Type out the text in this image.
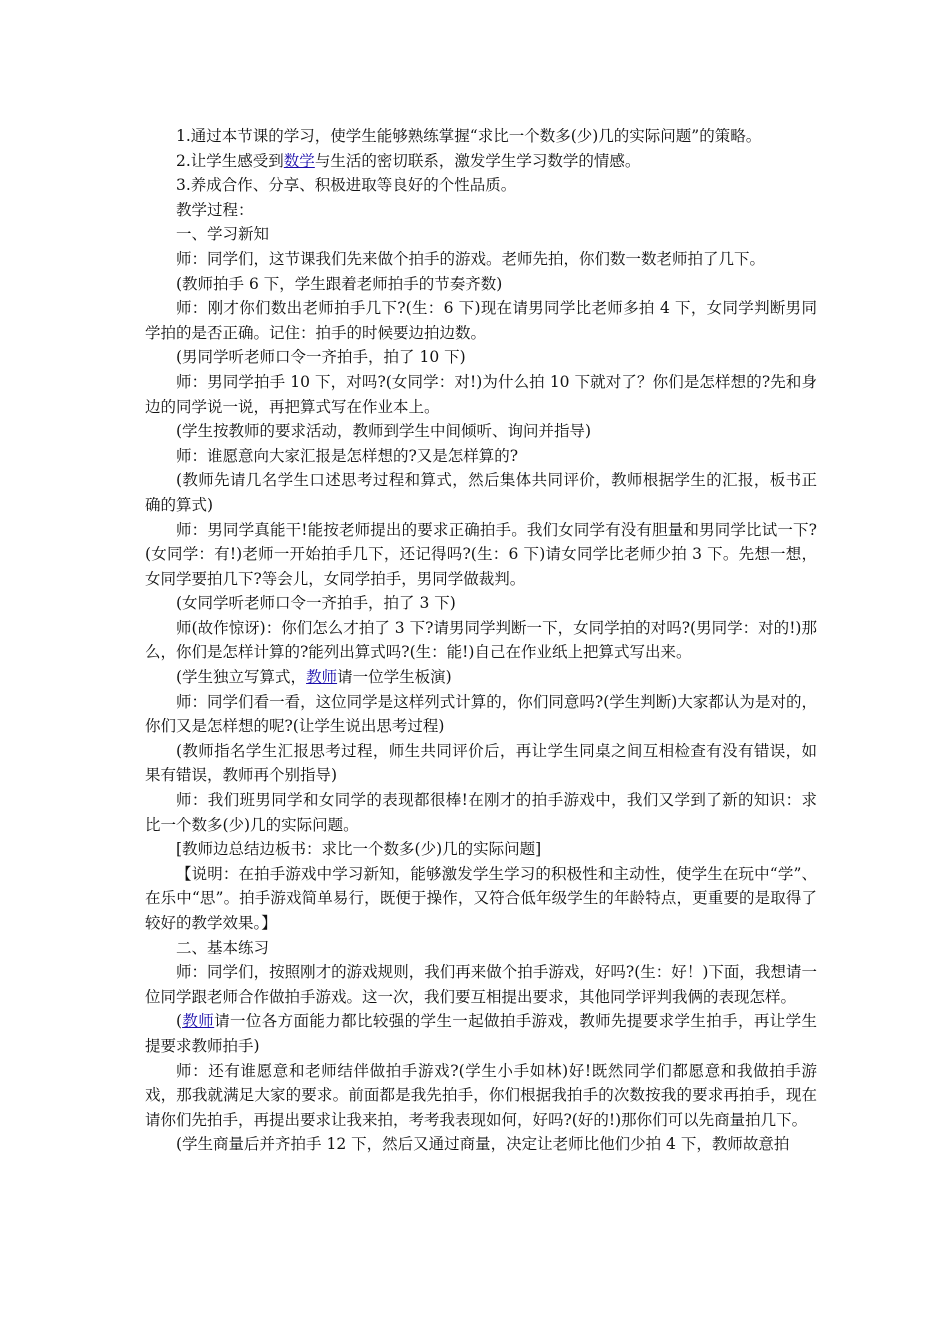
1.通过本节课的学习，使学生能够熟练掌握“求比一个数多(少)几的实际问题”的策略。

2.让学生感受到数学与生活的密切联系，激发学生学习数学的情感。

3.养成合作、分享、积极进取等良好的个性品质。

教学过程：

一、学习新知

师：同学们，这节课我们先来做个拍手的游戏。老师先拍，你们数一数老师拍了几下。

(教师拍手 6 下，学生跟着老师拍手的节奏齐数)

师：刚才你们数出老师拍手几下?(生：6 下)现在请男同学比老师多拍 4 下，女同学判断男同学拍的是否正确。记住：拍手的时候要边拍边数。

(男同学听老师口令一齐拍手，拍了 10 下)

师：男同学拍手 10 下，对吗?(女同学：对!)为什么拍 10 下就对了？你们是怎样想的?先和身边的同学说一说，再把算式写在作业本上。

(学生按教师的要求活动，教师到学生中间倾听、询问并指导)

师：谁愿意向大家汇报是怎样想的?又是怎样算的?

(教师先请几名学生口述思考过程和算式，然后集体共同评价，教师根据学生的汇报，板书正确的算式)

师：男同学真能干!能按老师提出的要求正确拍手。我们女同学有没有胆量和男同学比试一下?(女同学：有!)老师一开始拍手几下，还记得吗?(生：6 下)请女同学比老师少拍 3 下。先想一想，女同学要拍几下?等会儿，女同学拍手，男同学做裁判。

(女同学听老师口令一齐拍手，拍了 3 下)

师(故作惊讶)：你们怎么才拍了 3 下?请男同学判断一下，女同学拍的对吗?(男同学：对的!)那么，你们是怎样计算的?能列出算式吗?(生：能!)自己在作业纸上把算式写出来。

(学生独立写算式，教师请一位学生板演)

师：同学们看一看，这位同学是这样列式计算的，你们同意吗?(学生判断)大家都认为是对的，你们又是怎样想的呢?(让学生说出思考过程)

(教师指名学生汇报思考过程，师生共同评价后，再让学生同桌之间互相检查有没有错误，如果有错误，教师再个别指导)

师：我们班男同学和女同学的表现都很棒!在刚才的拍手游戏中，我们又学到了新的知识：求比一个数多(少)几的实际问题。

[教师边总结边板书：求比一个数多(少)几的实际问题]

【说明：在拍手游戏中学习新知，能够激发学生学习的积极性和主动性，使学生在玩中“学”、在乐中“思”。拍手游戏简单易行，既便于操作，又符合低年级学生的年龄特点，更重要的是取得了较好的教学效果。】

二、基本练习

师：同学们，按照刚才的游戏规则，我们再来做个拍手游戏，好吗?(生：好！)下面，我想请一位同学跟老师合作做拍手游戏。这一次，我们要互相提出要求，其他同学评判我俩的表现怎样。

(教师请一位各方面能力都比较强的学生一起做拍手游戏，教师先提要求学生拍手，再让学生提要求教师拍手)

师：还有谁愿意和老师结伴做拍手游戏?(学生小手如林)好!既然同学们都愿意和我做拍手游戏，那我就满足大家的要求。前面都是我先拍手，你们根据我拍手的次数按我的要求再拍手，现在请你们先拍手，再提出要求让我来拍，考考我表现如何，好吗?(好的!)那你们可以先商量拍几下。

(学生商量后并齐拍手 12 下，然后又通过商量，决定让老师比他们少拍 4 下，教师故意拍
